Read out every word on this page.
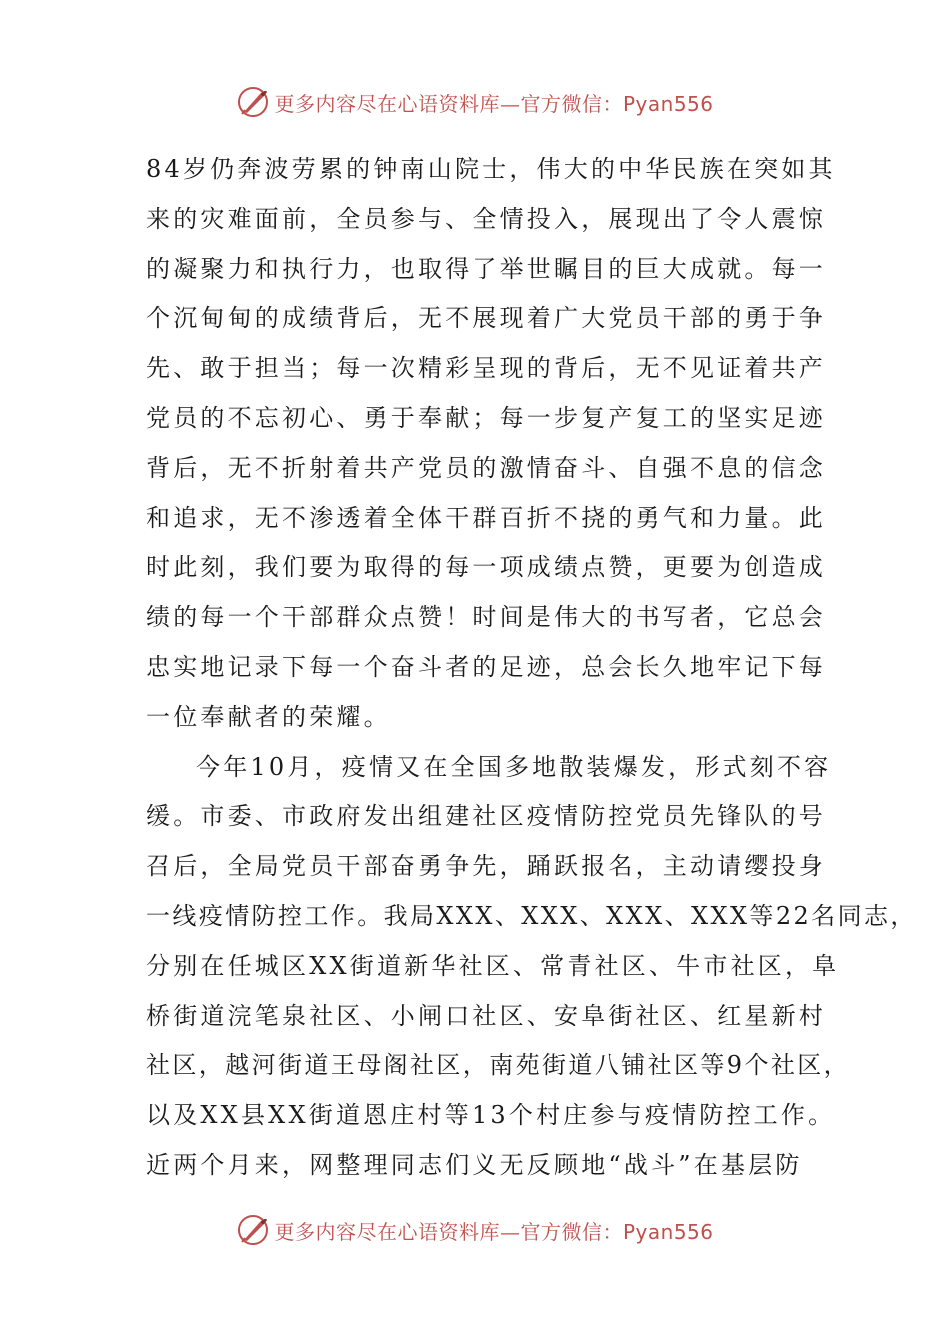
更多内容尽在心语资料库—官方微信：Pyan556
84岁仍奔波劳累的钟南山院士，伟大的中华民族在突如其
来的灾难面前，全员参与、全情投入，展现出了令人震惊
的凝聚力和执行力，也取得了举世瞩目的巨大成就。每一
个沉甸甸的成绩背后，无不展现着广大党员干部的勇于争
先、敢于担当；每一次精彩呈现的背后，无不见证着共产
党员的不忘初心、勇于奉献；每一步复产复工的坚实足迹
背后，无不折射着共产党员的激情奋斗、自强不息的信念
和追求，无不渗透着全体干群百折不挠的勇气和力量。此
时此刻，我们要为取得的每一项成绩点赞，更要为创造成
绩的每一个干部群众点赞！时间是伟大的书写者，它总会
忠实地记录下每一个奋斗者的足迹，总会长久地牢记下每
一位奉献者的荣耀。
今年10月，疫情又在全国多地散装爆发，形式刻不容
缓。市委、市政府发出组建社区疫情防控党员先锋队的号
召后，全局党员干部奋勇争先，踊跃报名，主动请缨投身
一线疫情防控工作。我局XXX、XXX、XXX、XXX等22名同志，
分别在任城区XX街道新华社区、常青社区、牛市社区，阜
桥街道浣笔泉社区、小闸口社区、安阜街社区、红星新村
社区，越河街道王母阁社区，南苑街道八铺社区等9个社区，
以及XX县XX街道恩庄村等13个村庄参与疫情防控工作。
近两个月来，网整理同志们义无反顾地“战斗”在基层防
更多内容尽在心语资料库—官方微信：Pyan556
